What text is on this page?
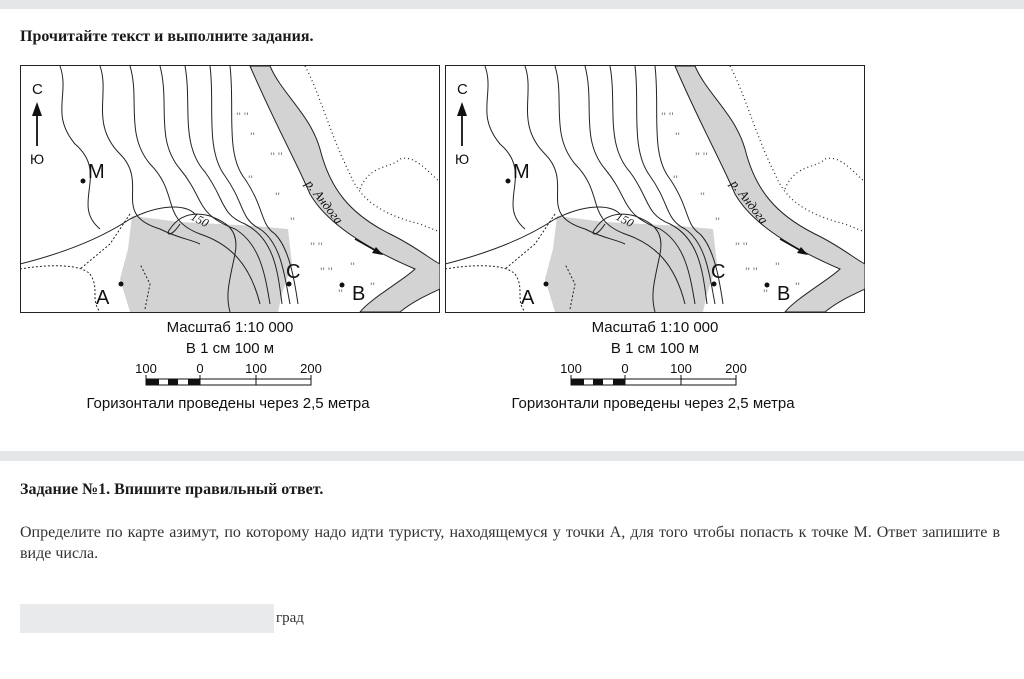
Прочитайте текст и выполните задания.
'' ''
''
'' ''
''
''
''
'' ''
'' ''
''
''
''
С
Ю
М
А
С
В
р. Андога
150
Масштаб 1:10 000
В 1 см 100 м
100	0	100	200
Горизонтали проведены через 2,5 метра
'' ''
''
'' ''
''
''
''
'' ''
'' ''
''
''
''
С
Ю
М
А
С
В
р. Андога
150
Масштаб 1:10 000
В 1 см 100 м
100	0	100	200
Горизонтали проведены через 2,5 метра
Задание №1. Впишите правильный ответ.
Определите по карте азимут, по которому надо идти туристу, находящемуся у точки А, для того чтобы попасть к точке М. Ответ запишите в виде числа.
град
